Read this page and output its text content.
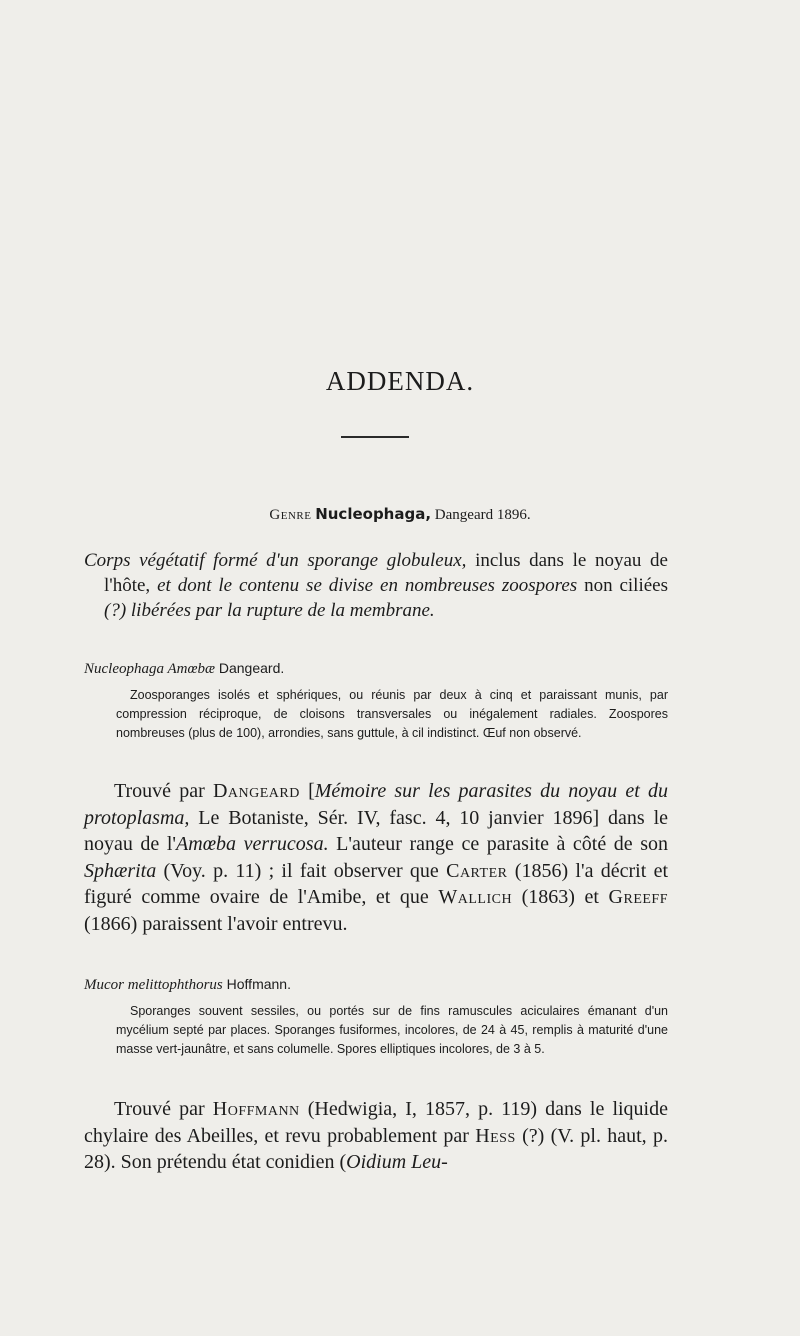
ADDENDA.
Genre Nucleophaga, Dangeard 1896.
Corps végétatif formé d'un sporange globuleux, inclus dans le noyau de l'hôte, et dont le contenu se divise en nombreuses zoospores non ciliées (?) libérées par la rupture de la membrane.
Nucleophaga Amœbæ Dangeard.
Zoosporanges isolés et sphériques, ou réunis par deux à cinq et paraissant munis, par compression réciproque, de cloisons transversales ou inégalement radiales. Zoospores nombreuses (plus de 100), arrondies, sans guttule, à cil indistinct. Œuf non observé.
Trouvé par Dangeard [Mémoire sur les parasites du noyau et du protoplasma, Le Botaniste, Sér. IV, fasc. 4, 10 janvier 1896] dans le noyau de l'Amœba verrucosa. L'auteur range ce parasite à côté de son Sphærita (Voy. p. 11) ; il fait observer que Carter (1856) l'a décrit et figuré comme ovaire de l'Amibe, et que Wallich (1863) et Greeff (1866) paraissent l'avoir entrevu.
Mucor melittophthorus Hoffmann.
Sporanges souvent sessiles, ou portés sur de fins ramuscules aciculaires émanant d'un mycélium septé par places. Sporanges fusiformes, incolores, de 24 à 45, remplis à maturité d'une masse vert-jaunâtre, et sans columelle. Spores elliptiques incolores, de 3 à 5.
Trouvé par Hoffmann (Hedwigia, I, 1857, p. 119) dans le liquide chylaire des Abeilles, et revu probablement par Hess (?) (V. pl. haut, p. 28). Son prétendu état conidien (Oidium Leu-
